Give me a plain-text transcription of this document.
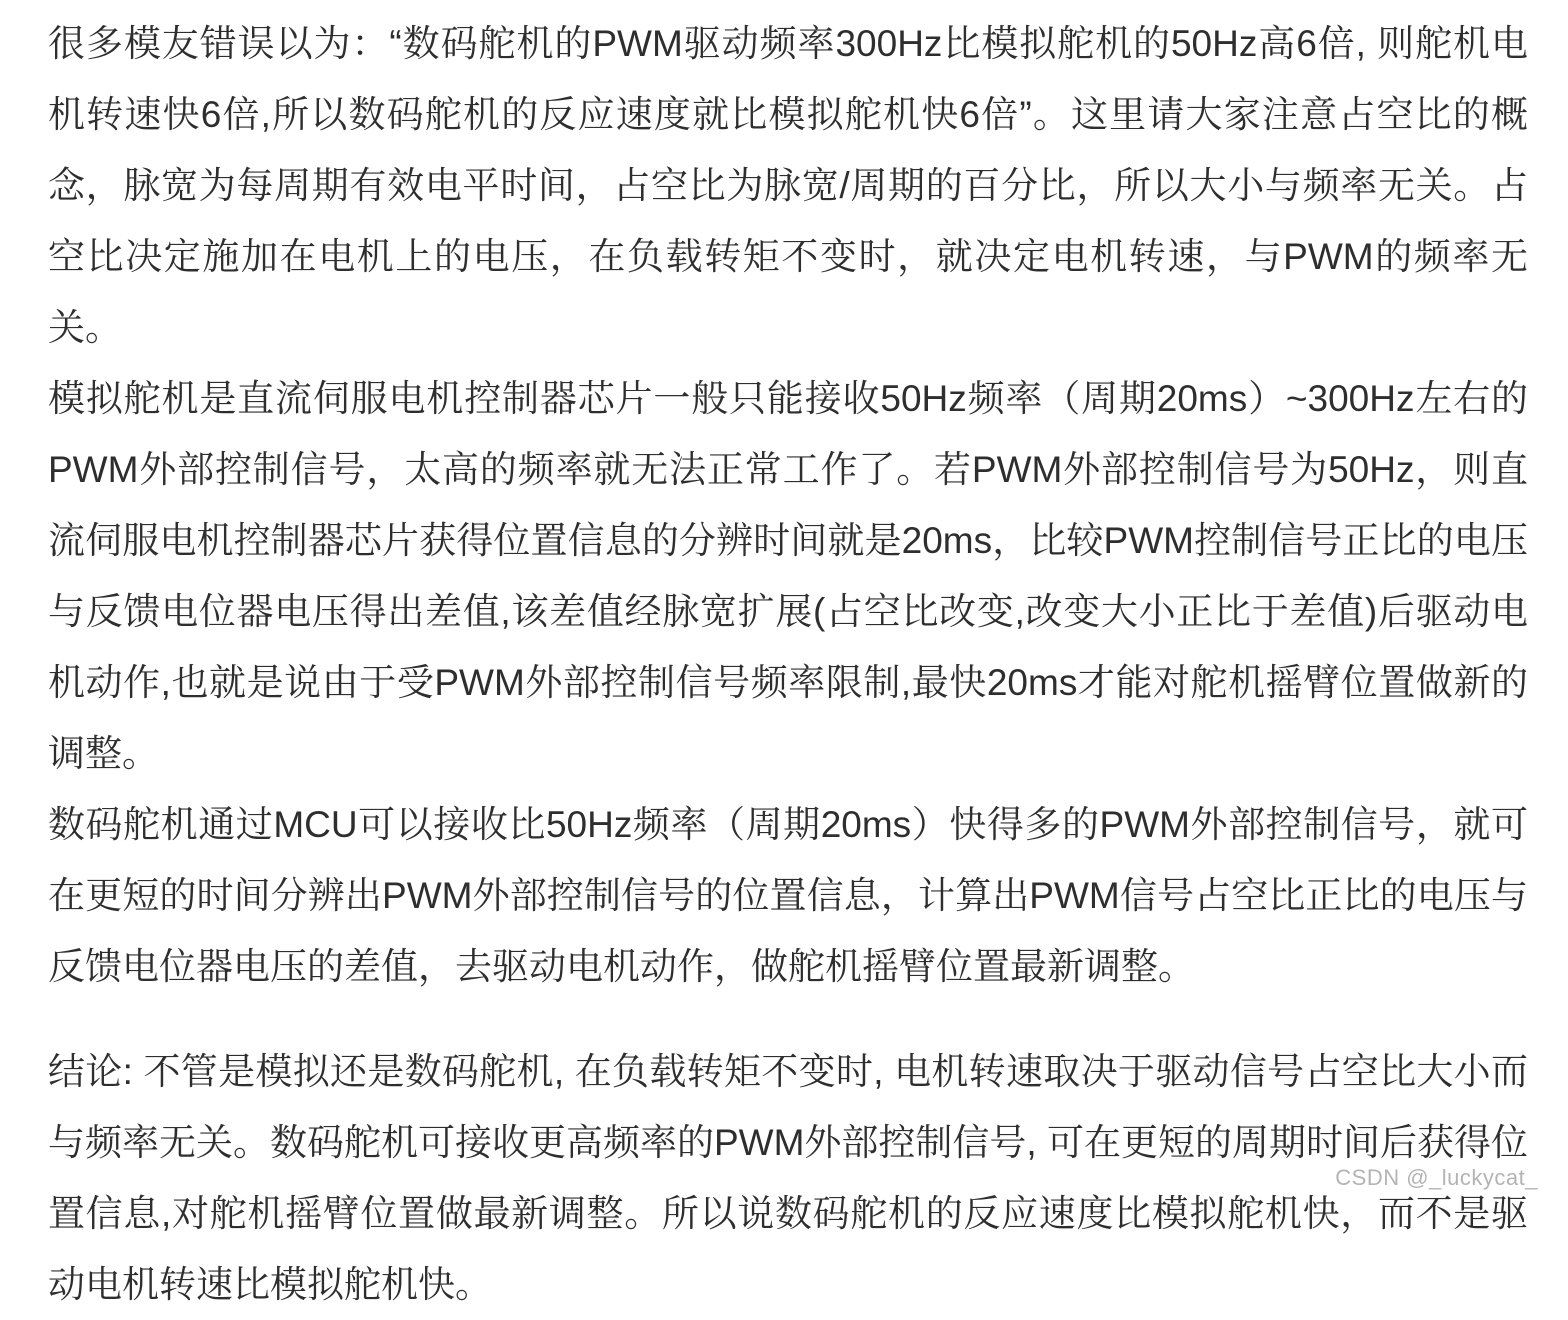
很多模友错误以为：“数码舵机的PWM驱动频率300Hz比模拟舵机的50Hz高6倍, 则舵机电机转速快6倍,所以数码舵机的反应速度就比模拟舵机快6倍”。这里请大家注意占空比的概念，脉宽为每周期有效电平时间，占空比为脉宽/周期的百分比，所以大小与频率无关。占空比决定施加在电机上的电压，在负载转矩不变时，就决定电机转速，与PWM的频率无关。

模拟舵机是直流伺服电机控制器芯片一般只能接收50Hz频率（周期20ms）~300Hz左右的PWM外部控制信号，太高的频率就无法正常工作了。若PWM外部控制信号为50Hz，则直流伺服电机控制器芯片获得位置信息的分辨时间就是20ms，比较PWM控制信号正比的电压与反馈电位器电压得出差值,该差值经脉宽扩展(占空比改变,改变大小正比于差值)后驱动电机动作,也就是说由于受PWM外部控制信号频率限制,最快20ms才能对舵机摇臂位置做新的调整。

数码舵机通过MCU可以接收比50Hz频率（周期20ms）快得多的PWM外部控制信号，就可在更短的时间分辨出PWM外部控制信号的位置信息，计算出PWM信号占空比正比的电压与反馈电位器电压的差值，去驱动电机动作，做舵机摇臂位置最新调整。

结论: 不管是模拟还是数码舵机, 在负载转矩不变时, 电机转速取决于驱动信号占空比大小而与频率无关。数码舵机可接收更高频率的PWM外部控制信号, 可在更短的周期时间后获得位置信息,对舵机摇臂位置做最新调整。所以说数码舵机的反应速度比模拟舵机快，而不是驱动电机转速比模拟舵机快。

CSDN @_luckycat_
